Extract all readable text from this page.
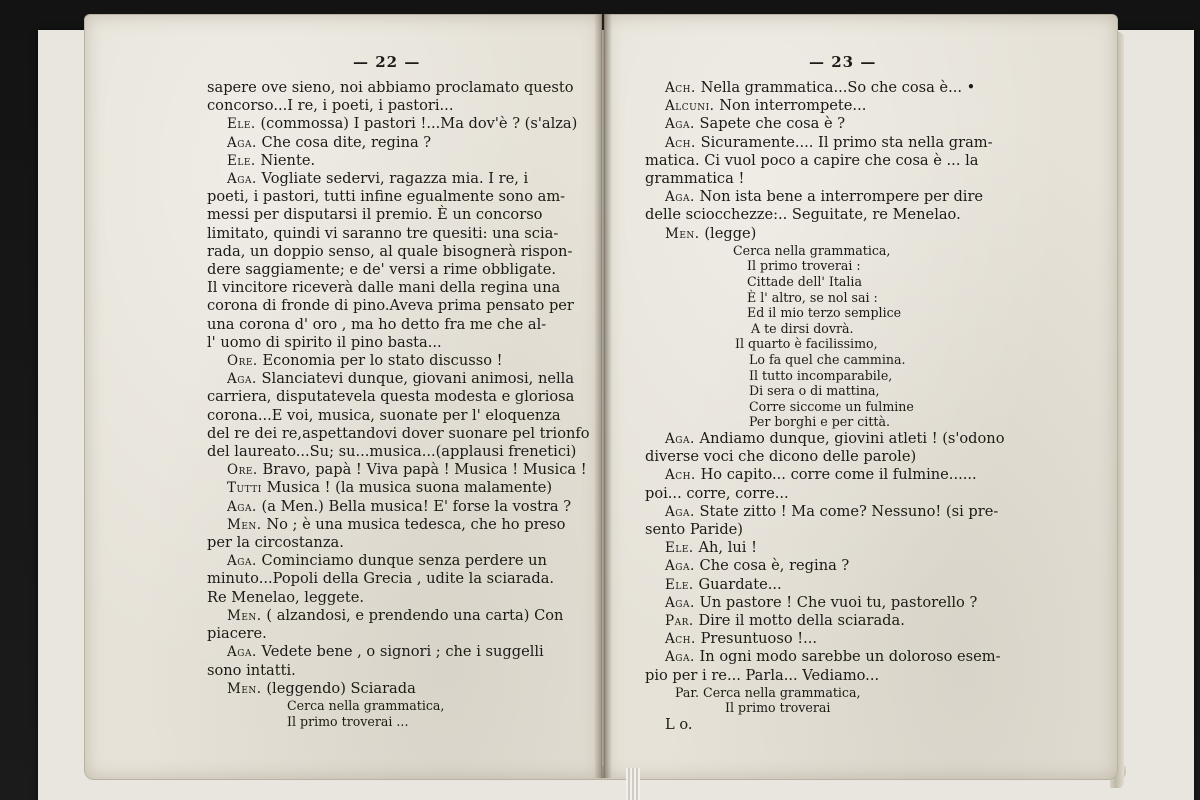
— 22 —
sapere ove sieno, noi abbiamo proclamato questo
concorso...I re, i poeti, i pastori...
Ele. (commossa) I pastori !...Ma dov'è ? (s'alza)
Aga. Che cosa dite, regina ?
Ele. Niente.
Aga. Vogliate sedervi, ragazza mia. I re, i
poeti, i pastori, tutti infine egualmente sono am-
messi per disputarsi il premio. È un concorso
limitato, quindi vi saranno tre quesiti: una scia-
rada, un doppio senso, al quale bisognerà rispon-
dere saggiamente; e de' versi a rime obbligate.
Il vincitore riceverà dalle mani della regina una
corona di fronde di pino.Aveva prima pensato per
una corona d' oro , ma ho detto fra me che al-
l' uomo di spirito il pino basta...
Ore. Economia per lo stato discusso !
Aga. Slanciatevi dunque, giovani animosi, nella
carriera, disputatevela questa modesta e gloriosa
corona...E voi, musica, suonate per l' eloquenza
del re dei re,aspettandovi dover suonare pel trionfo
del laureato...Su; su...musica...(applausi frenetici)
Ore. Bravo, papà ! Viva papà ! Musica ! Musica !
Tutti Musica ! (la musica suona malamente)
Aga. (a Men.) Bella musica! E' forse la vostra ?
Men. No ; è una musica tedesca, che ho preso
per la circostanza.
Aga. Cominciamo dunque senza perdere un
minuto...Popoli della Grecia , udite la sciarada.
Re Menelao, leggete.
Men. ( alzandosi, e prendendo una carta) Con
piacere.
Aga. Vedete bene , o signori ; che i suggelli
sono intatti.
Men. (leggendo) Sciarada
Cerca nella grammatica,
Il primo troverai ...
— 23 —
Ach. Nella grammatica...So che cosa è... •
Alcuni. Non interrompete...
Aga. Sapete che cosa è ?
Ach. Sicuramente.... Il primo sta nella gram-
matica. Ci vuol poco a capire che cosa è ... la
grammatica !
Aga. Non ista bene a interrompere per dire
delle sciocchezze:.. Seguitate, re Menelao.
Men. (legge)
Cerca nella grammatica,
Il primo troverai :
Cittade dell' Italia
È l' altro, se nol sai :
Ed il mio terzo semplice
A te dirsi dovrà.
Il quarto è facilissimo,
Lo fa quel che cammina.
Il tutto incomparabile,
Di sera o di mattina,
Corre siccome un fulmine
Per borghi e per città.
Aga. Andiamo dunque, giovini atleti ! (s'odono
diverse voci che dicono delle parole)
Ach. Ho capito... corre come il fulmine......
poi... corre, corre...
Aga. State zitto ! Ma come? Nessuno! (si pre-
sento Paride)
Ele. Ah, lui !
Aga. Che cosa è, regina ?
Ele. Guardate...
Aga. Un pastore ! Che vuoi tu, pastorello ?
Par. Dire il motto della sciarada.
Ach. Presuntuoso !...
Aga. In ogni modo sarebbe un doloroso esem-
pio per i re... Parla... Vediamo...
Par. Cerca nella grammatica,
Il primo troverai
L o.
